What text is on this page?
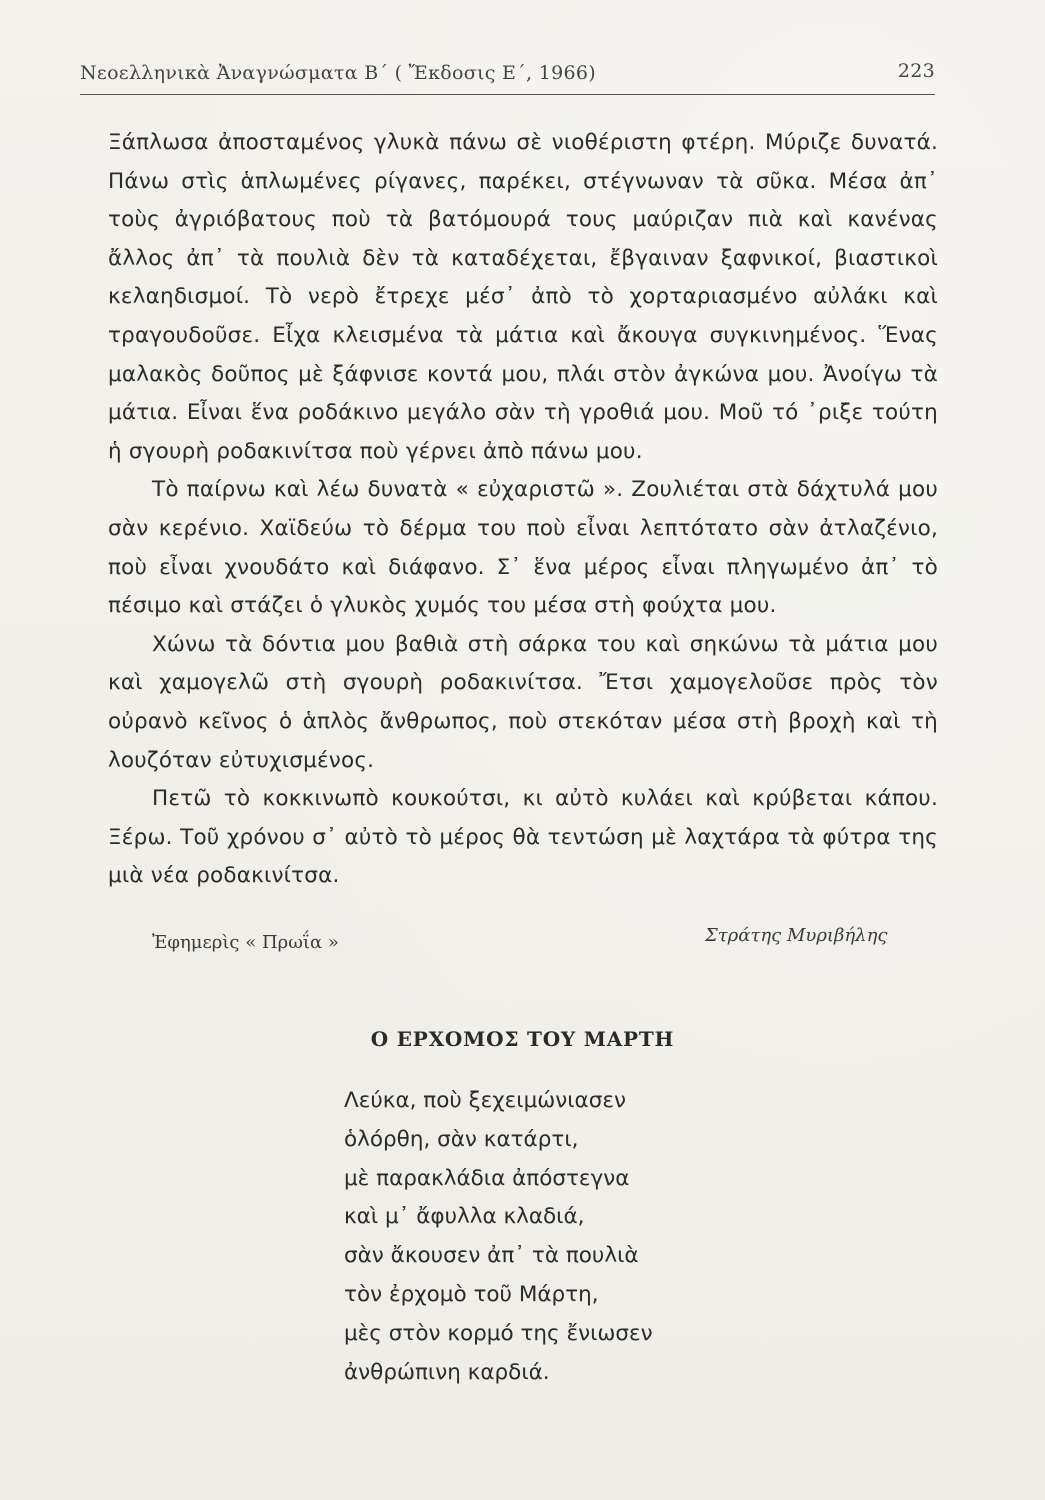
Νεοελληνικὰ Ἀναγνώσματα Β΄ ( Ἔκδοσις Ε΄, 1966)	223

Ξάπλωσα ἀποσταμένος γλυκὰ πάνω σὲ νιοθέριστη φτέρη. Μύριζε δυνατά. Πάνω στὶς ἁπλωμένες ρίγανες, παρέκει, στέγνωναν τὰ σῦκα. Μέσα ἀπ᾿ τοὺς ἀγριόβατους ποὺ τὰ βατόμουρά τους μαύριζαν πιὰ καὶ κανένας ἄλλος ἀπ᾿ τὰ πουλιὰ δὲν τὰ καταδέχεται, ἔβγαιναν ξαφνικοί, βιαστικοὶ κελαηδισμοί. Τὸ νερὸ ἔτρεχε μέσ᾿ ἀπὸ τὸ χορταριασμένο αὐλάκι καὶ τραγουδοῦσε. Εἶχα κλεισμένα τὰ μάτια καὶ ἄκουγα συγκινημένος. Ἕνας μαλακὸς δοῦπος μὲ ξάφνισε κοντά μου, πλάι στὸν ἀγκώνα μου. Ἀνοίγω τὰ μάτια. Εἶναι ἕνα ροδάκινο μεγάλο σὰν τὴ γροθιά μου. Μοῦ τό ᾿ριξε τούτη ἡ σγουρὴ ροδακινίτσα ποὺ γέρνει ἀπὸ πάνω μου.

Τὸ παίρνω καὶ λέω δυνατὰ « εὐχαριστῶ ». Ζουλιέται στὰ δάχτυλά μου σὰν κερένιο. Χαϊδεύω τὸ δέρμα του ποὺ εἶναι λεπτότατο σὰν ἀτλαζένιο, ποὺ εἶναι χνουδάτο καὶ διάφανο. Σ᾿ ἕνα μέρος εἶναι πληγωμένο ἀπ᾿ τὸ πέσιμο καὶ στάζει ὁ γλυκὸς χυμός του μέσα στὴ φούχτα μου.

Χώνω τὰ δόντια μου βαθιὰ στὴ σάρκα του καὶ σηκώνω τὰ μάτια μου καὶ χαμογελῶ στὴ σγουρὴ ροδακινίτσα. Ἔτσι χαμογελοῦσε πρὸς τὸν οὐρανὸ κεῖνος ὁ ἁπλὸς ἄνθρωπος, ποὺ στεκόταν μέσα στὴ βροχὴ καὶ τὴ λουζόταν εὐτυχισμένος.

Πετῶ τὸ κοκκινωπὸ κουκούτσι, κι αὐτὸ κυλάει καὶ κρύβεται κάπου. Ξέρω. Τοῦ χρόνου σ᾿ αὐτὸ τὸ μέρος θὰ τεντώση μὲ λαχτάρα τὰ φύτρα της μιὰ νέα ροδακινίτσα.

Ἐφημερὶς « Πρωΐα »	Στράτης Μυριβήλης
Ο ΕΡΧΟΜΟΣ ΤΟΥ ΜΑΡΤΗ
Λεύκα, ποὺ ξεχειμώνιασεν
ὁλόρθη, σὰν κατάρτι,
μὲ παρακλάδια ἀπόστεγνα
καὶ μ᾿ ἄφυλλα κλαδιά,
σὰν ἄκουσεν ἀπ᾿ τὰ πουλιὰ
τὸν ἐρχομὸ τοῦ Μάρτη,
μὲς στὸν κορμό της ἔνιωσεν
ἀνθρώπινη καρδιά.
